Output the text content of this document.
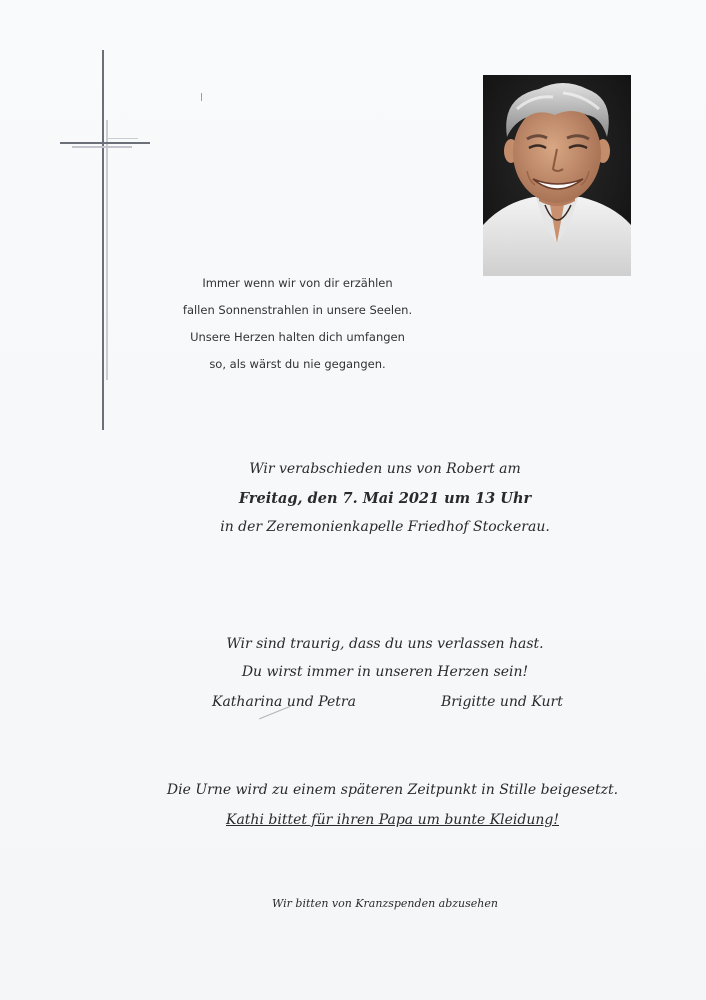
Immer wenn wir von dir erzählen
fallen Sonnenstrahlen in unsere Seelen.
Unsere Herzen halten dich umfangen
so, als wärst du nie gegangen.
Wir verabschieden uns von Robert am
Freitag, den 7. Mai 2021 um 13 Uhr
in der Zeremonienkapelle Friedhof Stockerau.
Wir sind traurig, dass du uns verlassen hast.
Du wirst immer in unseren Herzen sein!
Katharina und Petra	Brigitte und Kurt
Die Urne wird zu einem späteren Zeitpunkt in Stille beigesetzt.
Kathi bittet für ihren Papa um bunte Kleidung!
Wir bitten von Kranzspenden abzusehen
